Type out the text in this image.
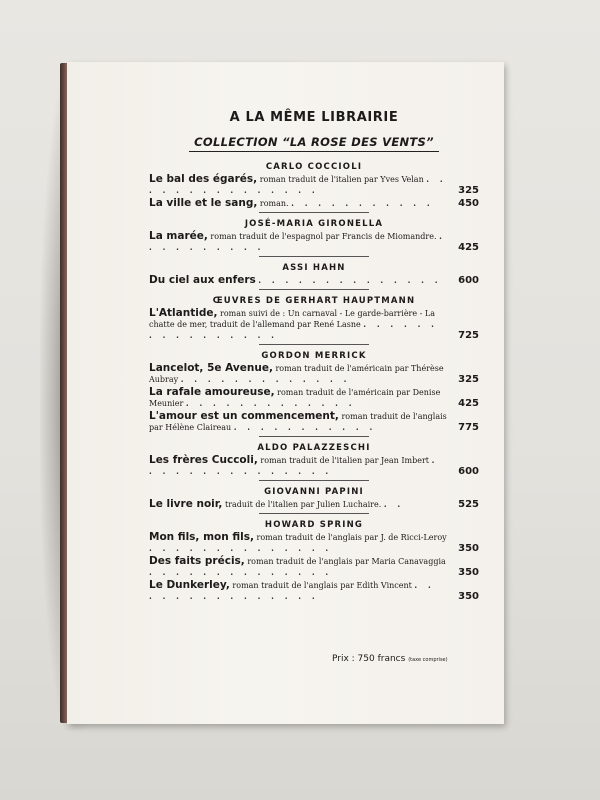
A LA MÊME LIBRAIRIE
COLLECTION “LA ROSE DES VENTS”
CARLO COCCIOLI
Le bal des égarés, roman traduit de l'italien par Yves Velan . . . . . . . . . . . . . . .	325
La ville et le sang, roman. . . . . . . . . . . . 450
JOSÉ-MARIA GIRONELLA
La marée, roman traduit de l'espagnol par Francis de Miomandre. . . . . . . . . . .	425
ASSI HAHN
Du ciel aux enfers . . . . . . . . . . . . . . 600
ŒUVRES DE GERHART HAUPTMANN
L'Atlantide, roman suivi de : Un carnaval - Le garde-barrière - La chatte de mer, traduit de l'allemand par René Lasne . . . . . . . . . . . . . . . .	725
GORDON MERRICK
Lancelot, 5e Avenue, roman traduit de l'américain par Thérèse Aubray . . . . . . . . . . . . .	325
La rafale amoureuse, roman traduit de l'américain par Denise Meunier . . . . . . . . . . . . .	425
L'amour est un commencement, roman traduit de l'anglais par Hélène Claireau . . . . . . . . . . .	775
ALDO PALAZZESCHI
Les frères Cuccoli, roman traduit de l'italien par Jean Imbert . . . . . . . . . . . . . . .	600
GIOVANNI PAPINI
Le livre noir, traduit de l'italien par Julien Luchaire. . .	525
HOWARD SPRING
Mon fils, mon fils, roman traduit de l'anglais par J. de Ricci-Leroy . . . . . . . . . . . . . .	350
Des faits précis, roman traduit de l'anglais par Maria Canavaggia . . . . . . . . . . . . . .	350
Le Dunkerley, roman traduit de l'anglais par Edith Vincent . . . . . . . . . . . . . . .	350
Prix : 750 francs (taxe comprise)
